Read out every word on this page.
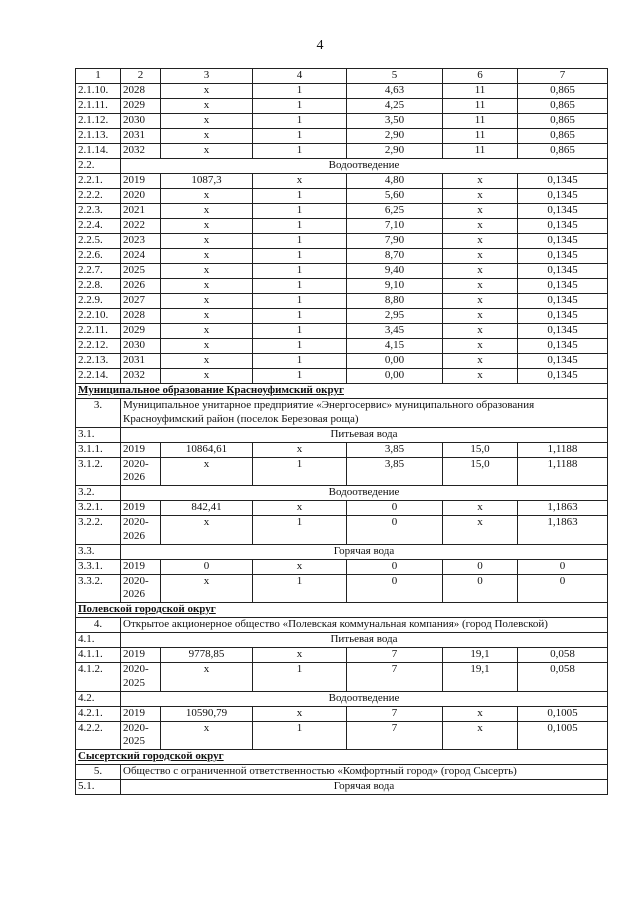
4
1	2	3	4	5	6	7
2.1.10.	2028	х	1	4,63	11	0,865
2.1.11.	2029	х	1	4,25	11	0,865
2.1.12.	2030	х	1	3,50	11	0,865
2.1.13.	2031	х	1	2,90	11	0,865
2.1.14.	2032	х	1	2,90	11	0,865
2.2.	Водоотведение					
2.2.1.	2019	1087,3	х	4,80	х	0,1345
2.2.2.	2020	х	1	5,60	х	0,1345
2.2.3.	2021	х	1	6,25	х	0,1345
2.2.4.	2022	х	1	7,10	х	0,1345
2.2.5.	2023	х	1	7,90	х	0,1345
2.2.6.	2024	х	1	8,70	х	0,1345
2.2.7.	2025	х	1	9,40	х	0,1345
2.2.8.	2026	х	1	9,10	х	0,1345
2.2.9.	2027	х	1	8,80	х	0,1345
2.2.10.	2028	х	1	2,95	х	0,1345
2.2.11.	2029	х	1	3,45	х	0,1345
2.2.12.	2030	х	1	4,15	х	0,1345
2.2.13.	2031	х	1	0,00	х	0,1345
2.2.14.	2032	х	1	0,00	х	0,1345
Муниципальное образование Красноуфимский округ						
3.	Муниципальное унитарное предприятие «Энергосервис» муниципального образования Красноуфимский район (поселок Березовая роща)					
3.1.	Питьевая вода					
3.1.1.	2019	10864,61	х	3,85	15,0	1,1188
3.1.2.	2020-2026	х	1	3,85	15,0	1,1188
3.2.	Водоотведение					
3.2.1.	2019	842,41	х	0	х	1,1863
3.2.2.	2020-2026	х	1	0	х	1,1863
3.3.	Горячая вода					
3.3.1.	2019	0	х	0	0	0
3.3.2.	2020-2026	х	1	0	0	0
Полевской городской округ						
4.	Открытое акционерное общество «Полевская коммунальная компания» (город Полевской)					
4.1.	Питьевая вода					
4.1.1.	2019	9778,85	х	7	19,1	0,058
4.1.2.	2020-2025	х	1	7	19,1	0,058
4.2.	Водоотведение					
4.2.1.	2019	10590,79	х	7	х	0,1005
4.2.2.	2020-2025	х	1	7	х	0,1005
Сысертский городской округ						
5.	Общество с ограниченной ответственностью «Комфортный город» (город Сысерть)					
5.1.	Горячая вода					
